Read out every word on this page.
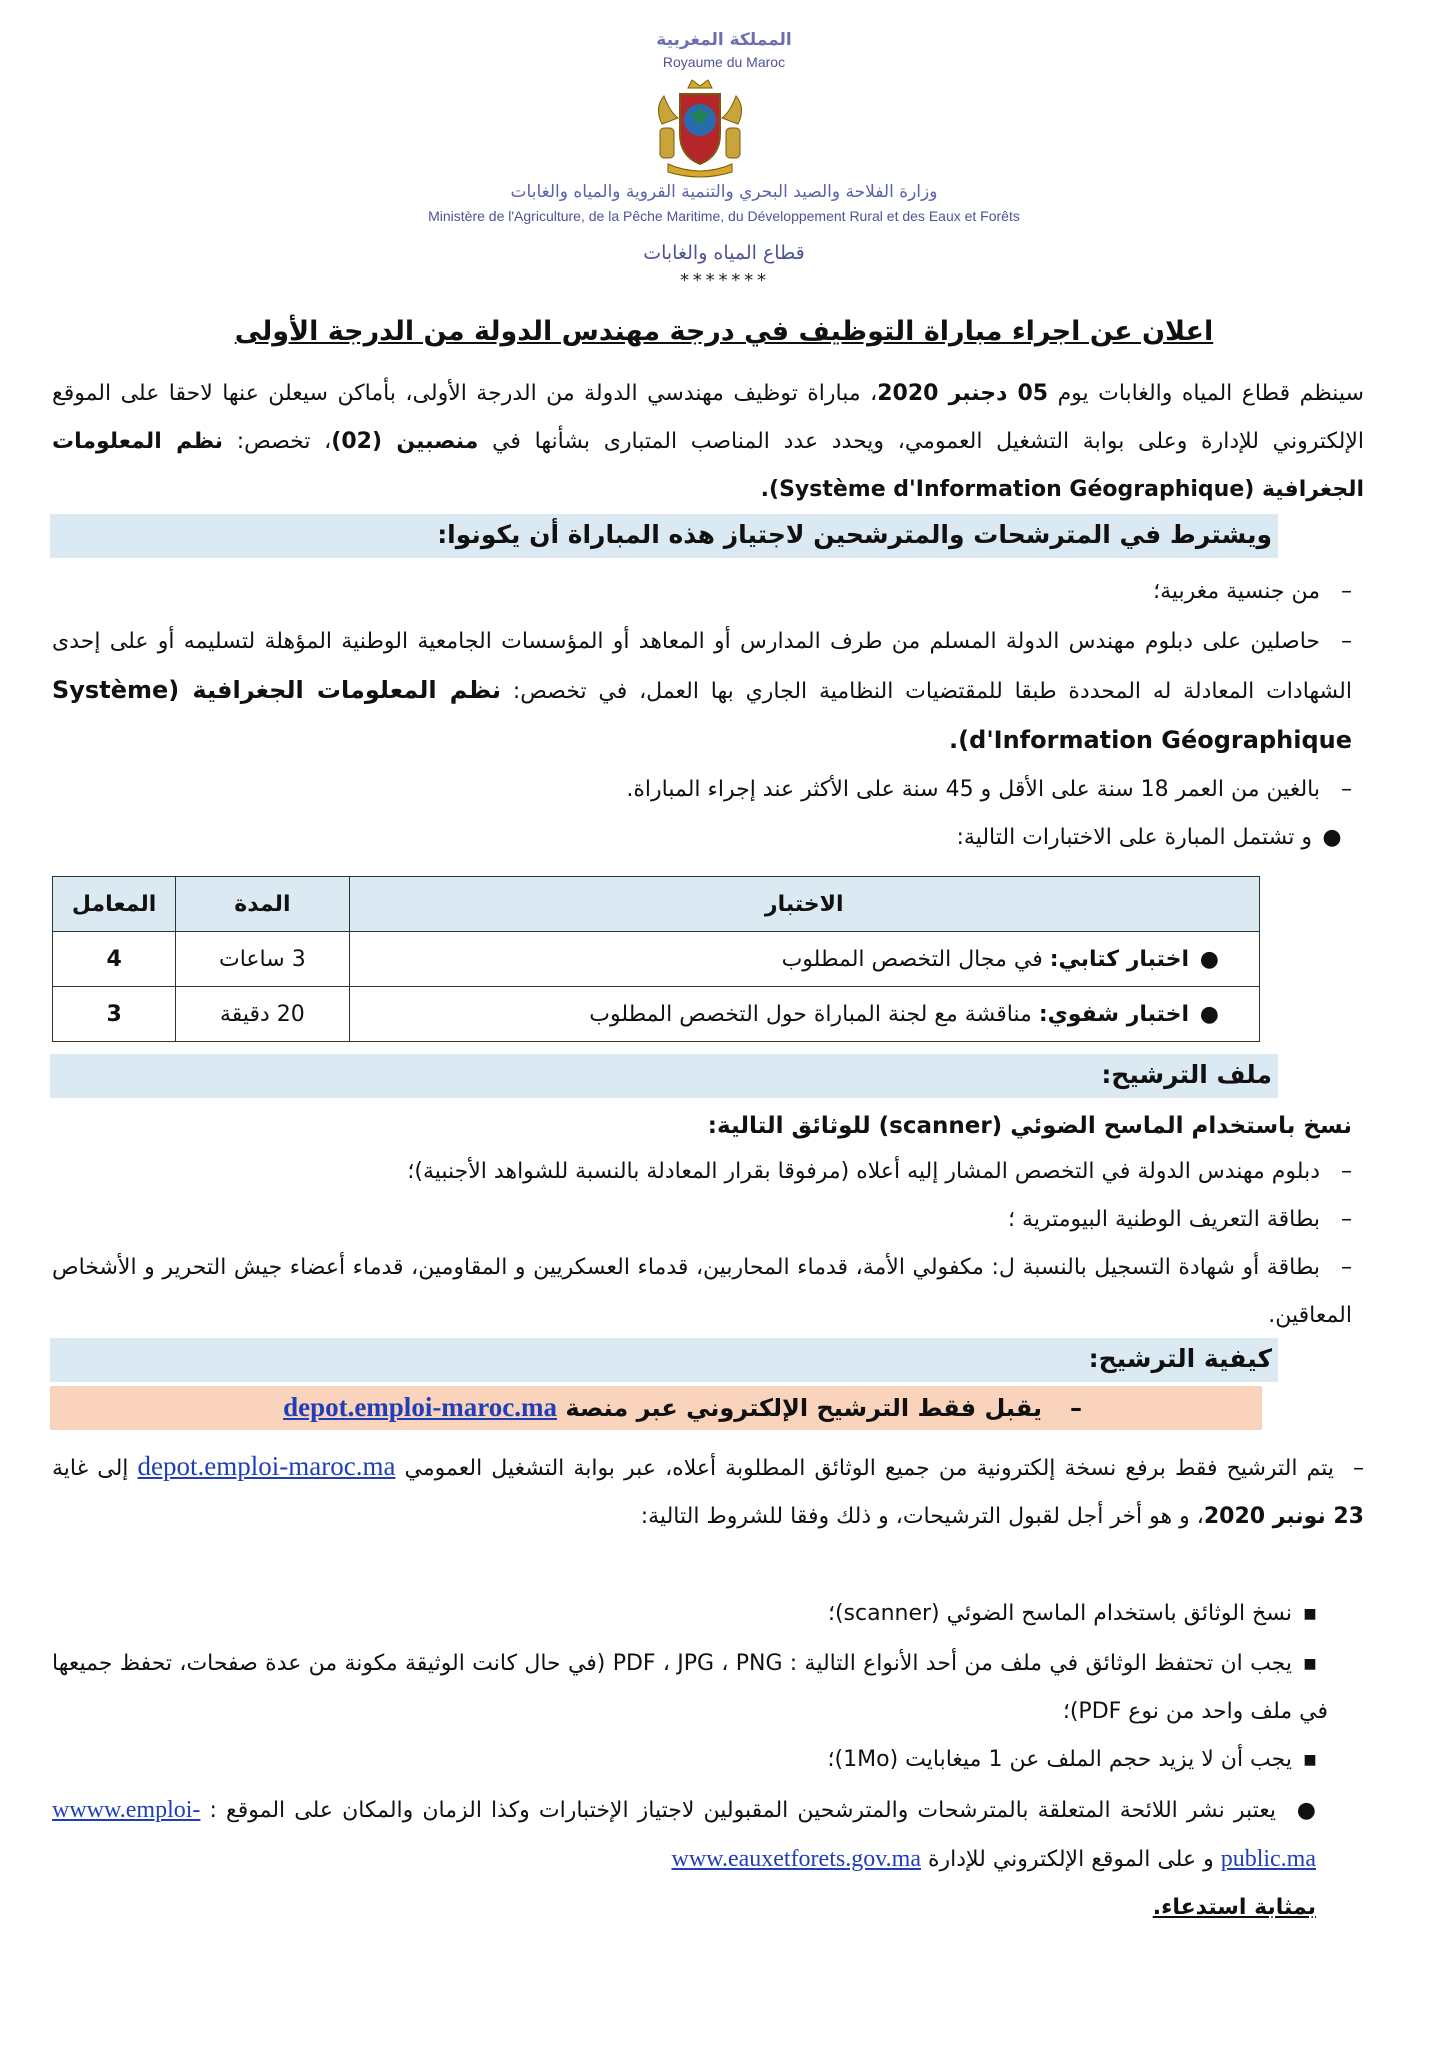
المملكة المغربية
Royaume du Maroc
وزارة الفلاحة والصيد البحري والتنمية القروية والمياه والغابات
Ministère de l'Agriculture, de la Pêche Maritime, du Développement Rural et des Eaux et Forêts
قطاع المياه والغابات
*******
اعلان عن اجراء مباراة التوظيف في درجة مهندس الدولة من الدرجة الأولى
سينظم قطاع المياه والغابات يوم 05 دجنبر 2020، مباراة توظيف مهندسي الدولة من الدرجة الأولى، بأماكن سيعلن عنها لاحقا على الموقع الإلكتروني للإدارة وعلى بوابة التشغيل العمومي، ويحدد عدد المناصب المتبارى بشأنها في منصبين (02)، تخصص: نظم المعلومات الجغرافية (Système d'Information Géographique).
ويشترط في المترشحات والمترشحين لاجتياز هذه المباراة أن يكونوا:
–من جنسية مغربية؛
–حاصلين على دبلوم مهندس الدولة المسلم من طرف المدارس أو المعاهد أو المؤسسات الجامعية الوطنية المؤهلة لتسليمه أو على إحدى الشهادات المعادلة له المحددة طبقا للمقتضيات النظامية الجاري بها العمل، في تخصص: نظم المعلومات الجغرافية (Système d'Information Géographique).
–بالغين من العمر 18 سنة على الأقل و 45 سنة على الأكثر عند إجراء المباراة.
●و تشتمل المبارة على الاختبارات التالية:
الاختبار	المدة	المعامل
●اختبار كتابي: في مجال التخصص المطلوب	3 ساعات	4
●اختبار شفوي: مناقشة مع لجنة المباراة حول التخصص المطلوب	20 دقيقة	3
ملف الترشيح:
نسخ باستخدام الماسح الضوئي (scanner) للوثائق التالية:
–دبلوم مهندس الدولة في التخصص المشار إليه أعلاه (مرفوقا بقرار المعادلة بالنسبة للشواهد الأجنبية)؛
–بطاقة التعريف الوطنية البيومترية ؛
–بطاقة أو شهادة التسجيل بالنسبة ل: مكفولي الأمة، قدماء المحاربين، قدماء العسكريين و المقاومين، قدماء أعضاء جيش التحرير و الأشخاص المعاقين.
كيفية الترشيح:
–يقبل فقط الترشيح الإلكتروني عبر منصة depot.emploi-maroc.ma
–يتم الترشيح فقط برفع نسخة إلكترونية من جميع الوثائق المطلوبة أعلاه، عبر بوابة التشغيل العمومي depot.emploi-maroc.ma إلى غاية 23 نونبر 2020، و هو أخر أجل لقبول الترشيحات، و ذلك وفقا للشروط التالية:
■نسخ الوثائق باستخدام الماسح الضوئي (scanner)؛
■يجب ان تحتفظ الوثائق في ملف من أحد الأنواع التالية : PDF ، JPG ، PNG (في حال كانت الوثيقة مكونة من عدة صفحات، تحفظ جميعها في ملف واحد من نوع PDF)؛
■يجب أن لا يزيد حجم الملف عن 1 ميغابايت (1Mo)؛
●يعتبر نشر اللائحة المتعلقة بالمترشحات والمترشحين المقبولين لاجتياز الإختبارات وكذا الزمان والمكان على الموقع : wwww.emploi-public.ma و على الموقع الإلكتروني للإدارة www.eauxetforets.gov.ma
بمثابة استدعاء.
